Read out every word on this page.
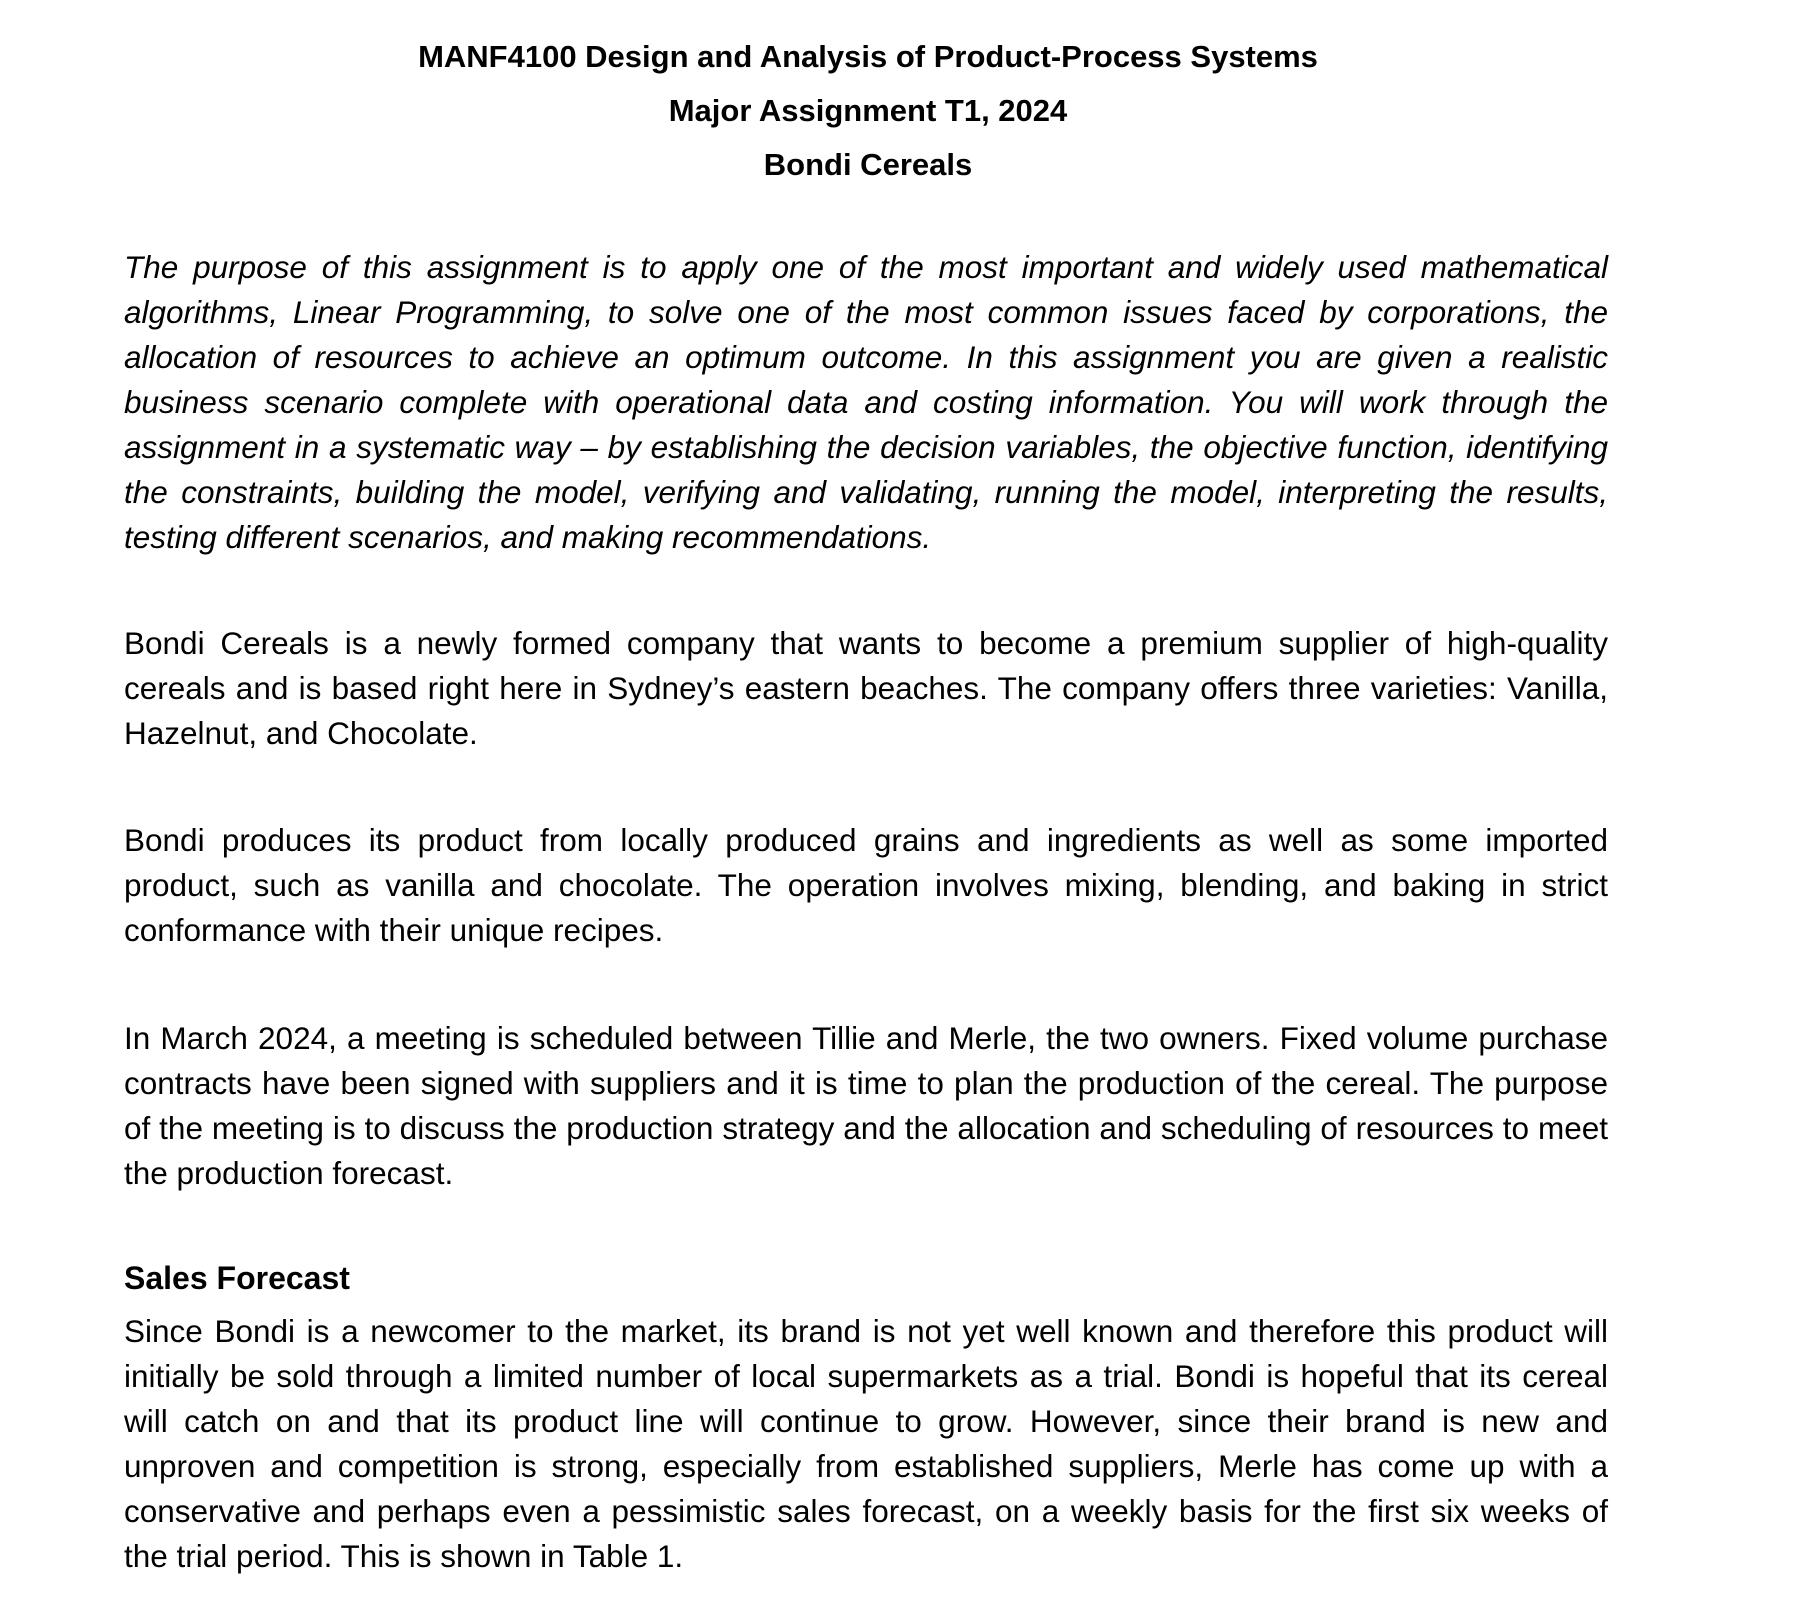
MANF4100 Design and Analysis of Product-Process Systems
Major Assignment T1, 2024
Bondi Cereals

The purpose of this assignment is to apply one of the most important and widely used mathematical algorithms, Linear Programming, to solve one of the most common issues faced by corporations, the allocation of resources to achieve an optimum outcome. In this assignment you are given a realistic business scenario complete with operational data and costing information. You will work through the assignment in a systematic way – by establishing the decision variables, the objective function, identifying the constraints, building the model, verifying and validating, running the model, interpreting the results, testing different scenarios, and making recommendations.

Bondi Cereals is a newly formed company that wants to become a premium supplier of high-quality cereals and is based right here in Sydney’s eastern beaches. The company offers three varieties: Vanilla, Hazelnut, and Chocolate.

Bondi produces its product from locally produced grains and ingredients as well as some imported product, such as vanilla and chocolate. The operation involves mixing, blending, and baking in strict conformance with their unique recipes.

In March 2024, a meeting is scheduled between Tillie and Merle, the two owners. Fixed volume purchase contracts have been signed with suppliers and it is time to plan the production of the cereal. The purpose of the meeting is to discuss the production strategy and the allocation and scheduling of resources to meet the production forecast.

Sales Forecast

Since Bondi is a newcomer to the market, its brand is not yet well known and therefore this product will initially be sold through a limited number of local supermarkets as a trial. Bondi is hopeful that its cereal will catch on and that its product line will continue to grow. However, since their brand is new and unproven and competition is strong, especially from established suppliers, Merle has come up with a conservative and perhaps even a pessimistic sales forecast, on a weekly basis for the first six weeks of the trial period. This is shown in Table 1.
